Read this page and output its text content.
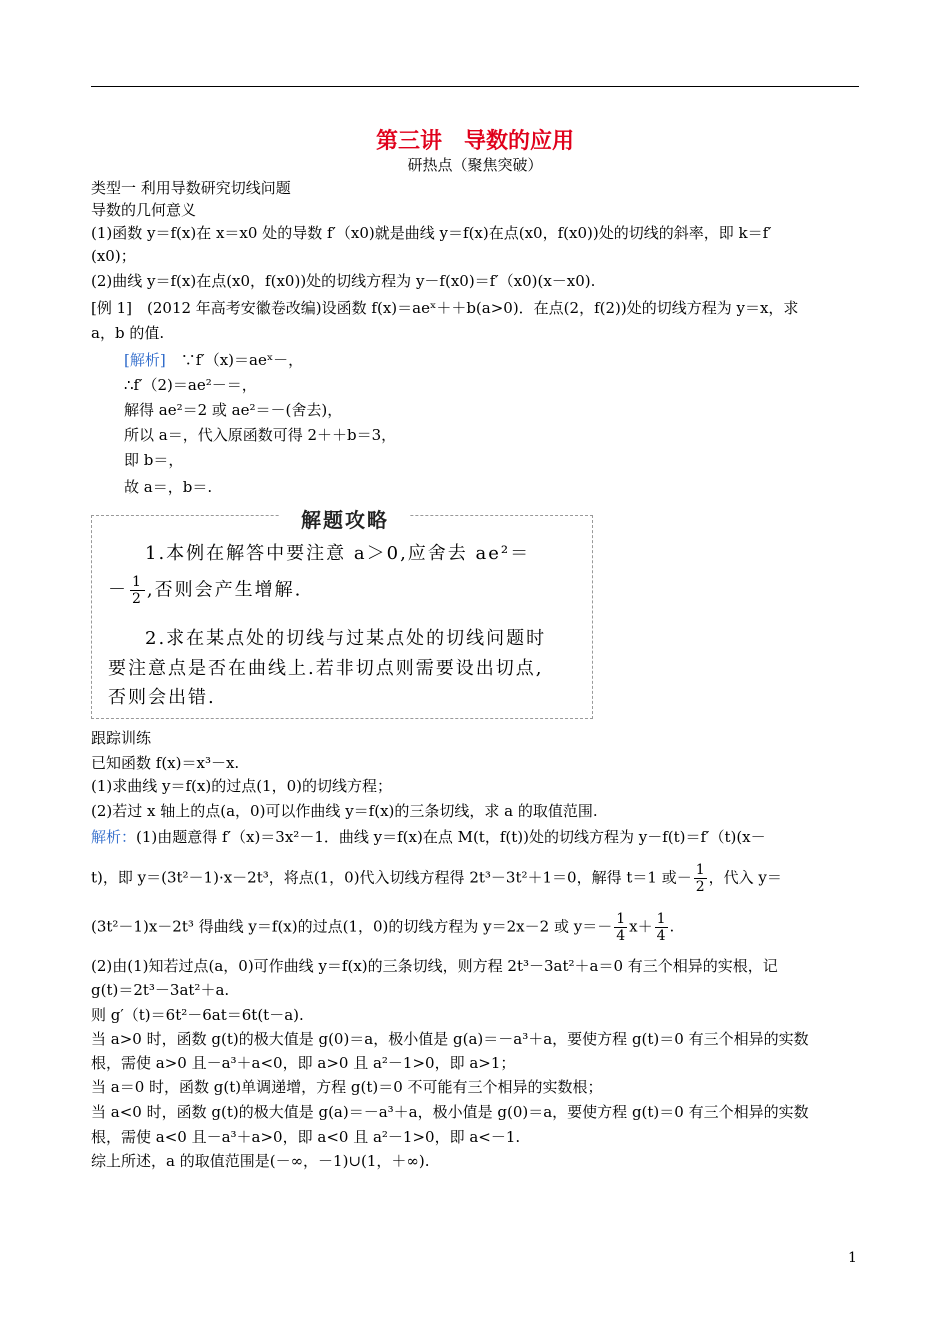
第三讲　导数的应用
研热点（聚焦突破）
类型一 利用导数研究切线问题
导数的几何意义
(1)函数 y＝f(x)在 x＝x0 处的导数 f′（x0)就是曲线 y＝f(x)在点(x0，f(x0))处的切线的斜率，即 k＝f′
(x0)；
(2)曲线 y＝f(x)在点(x0，f(x0))处的切线方程为 y－f(x0)＝f′（x0)(x－x0).
[例 1]　(2012 年高考安徽卷改编)设函数 f(x)＝aeˣ＋＋b(a>0)．在点(2，f(2))处的切线方程为 y＝x，求
a，b 的值.
[解析]　 ∵f′（x)＝aeˣ－，
∴f′（2)＝ae²－＝，
解得 ae²＝2 或 ae²＝－(舍去)，
所以 a＝，代入原函数可得 2＋＋b＝3，
即 b＝，
故 a＝，b＝.
解题攻略
1.本例在解答中要注意 a＞0,应舍去 ae²＝
－ $\frac{1}{2}$ ,否则会产生增解.
2.求在某点处的切线与过某点处的切线问题时
要注意点是否在曲线上.若非切点则需要设出切点,
否则会出错.
跟踪训练
已知函数 f(x)＝x³－x.
(1)求曲线 y＝f(x)的过点(1，0)的切线方程；
(2)若过 x 轴上的点(a，0)可以作曲线 y＝f(x)的三条切线，求 a 的取值范围.
解析：(1)由题意得 f′（x)＝3x²－1．曲线 y＝f(x)在点 M(t，f(t))处的切线方程为 y－f(t)＝f′（t)(x－
t)，即 y＝(3t²－1)·x－2t³，将点(1，0)代入切线方程得 2t³－3t²＋1＝0，解得 t＝1 或－ $\frac{1}{2}$ ，代入 y＝
(3t²－1)x－2t³ 得曲线 y＝f(x)的过点(1，0)的切线方程为 y＝2x－2 或 $y=- \frac{1}{4} x+ \frac{1}{4}$ .
(2)由(1)知若过点(a，0)可作曲线 y＝f(x)的三条切线，则方程 2t³－3at²＋a＝0 有三个相异的实根，记
g(t)＝2t³－3at²＋a.
则 g′（t)＝6t²－6at＝6t(t－a).
当 a>0 时，函数 g(t)的极大值是 g(0)＝a，极小值是 g(a)＝－a³＋a，要使方程 g(t)＝0 有三个相异的实数
根，需使 a>0 且－a³＋a<0，即 a>0 且 a²－1>0，即 a>1；
当 a＝0 时，函数 g(t)单调递增，方程 g(t)＝0 不可能有三个相异的实数根；
当 a<0 时，函数 g(t)的极大值是 g(a)＝－a³＋a，极小值是 g(0)＝a，要使方程 g(t)＝0 有三个相异的实数
根，需使 a<0 且－a³＋a>0，即 a<0 且 a²－1>0，即 a<－1.
综上所述，a 的取值范围是(－∞，－1)∪(1，＋∞).
1
